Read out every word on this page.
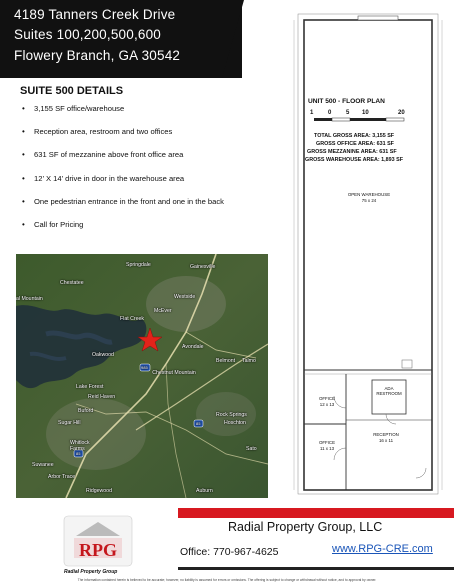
4189 Tanners Creek Drive
Suites 100,200,500,600
Flowery Branch, GA 30542
SUITE 500 DETAILS
• 3,155 SF office/warehouse
• Reception area, restroom and two offices
• 631 SF of mezzanine above front office area
• 12’ X 14’ drive in door in the warehouse area
• One pedestrian entrance in the front and one in the back
• Call for Pricing
Springdale	Gainesville
Chestatee
Westside
al Mountain
Flat Creek
McEver
Oakwood
Avondale
Belmont Talmo
Chestnut Mountain
Lake Forest
Reid Haven
Buford
Sugar Hill
Rock Springs
Hoschton
Suwanee
Whitlock Farms
Arbor Trace
Sato
Ridgewood	Auburn
985
85
85
UNIT 500 - FLOOR PLAN
1 0 5 10	20
TOTAL GROSS AREA: 3,155 SF
GROSS OFFICE AREA: 631 SF
GROSS MEZZANINE AREA: 631 SF
GROSS WAREHOUSE AREA: 1,893 SF
OPEN WAREHOUSE
75 x 24
OFFICE
12 x 13
OFFICE
11 x 13
ADA RESTROOM
RECEPTION
16 x 11
Radial Property Group, LLC
Office: 770-967-4625	www.RPG-CRE.com
RPG
Radial Property Group
The information contained herein is believed to be accurate; however, no liability is assumed for errors or omissions. The offering is subject to change or withdrawal without notice, and to approval by owner.
